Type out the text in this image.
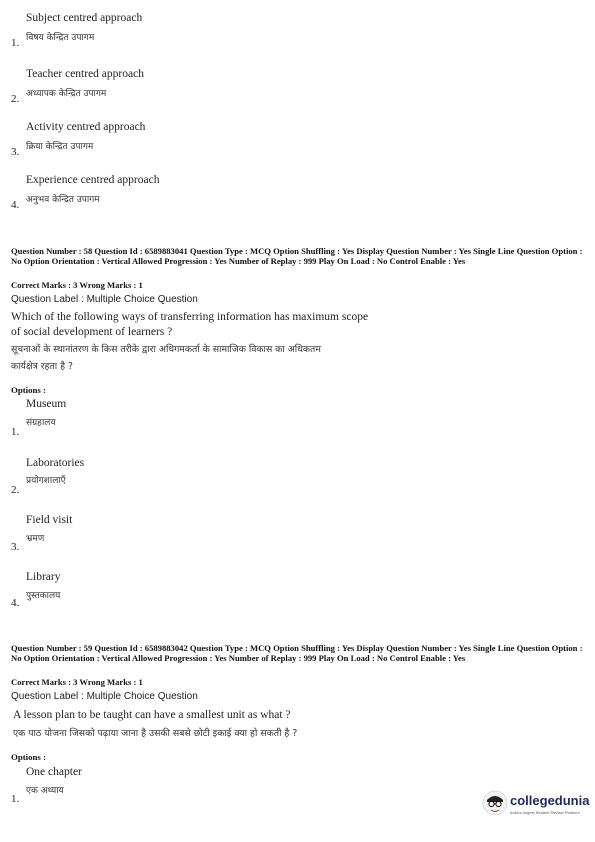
Subject centred approach
विषय केन्द्रित उपागम
1.
Teacher centred approach
अध्यापक केन्द्रित उपागम
2.
Activity centred approach
क्रिया केन्द्रित उपागम
3.
Experience centred approach
अनुभव केन्द्रित उपागम
4.
Question Number : 58 Question Id : 6589883041 Question Type : MCQ Option Shuffling : Yes Display Question Number : Yes Single Line Question Option : No Option Orientation : Vertical Allowed Progression : Yes Number of Replay : 999 Play On Load : No Control Enable : Yes
Correct Marks : 3 Wrong Marks : 1
Question Label : Multiple Choice Question
Which of the following ways of transferring information has maximum scope
of social development of learners ?
सूचनाओं के स्थानांतरण के किस तरीके द्वारा अधिगमकर्ता के सामाजिक विकास का अधिकतम
कार्यक्षेत्र रहता है ?
Options :
Museum
संग्रहालय
1.
Laboratories
प्रयोगशालाएँ
2.
Field visit
भ्रमण
3.
Library
पुस्तकालय
4.
Question Number : 59 Question Id : 6589883042 Question Type : MCQ Option Shuffling : Yes Display Question Number : Yes Single Line Question Option : No Option Orientation : Vertical Allowed Progression : Yes Number of Replay : 999 Play On Load : No Control Enable : Yes
Correct Marks : 3 Wrong Marks : 1
Question Label : Multiple Choice Question
A lesson plan to be taught can have a smallest unit as what ?
एक पाठ योजना जिसको पढ़ाया जाना है उसकी सबसे छोटी इकाई क्या हो सकती है ?
Options :
One chapter
एक अध्याय
1.	collegedunia
India's largest Student Review Platform
